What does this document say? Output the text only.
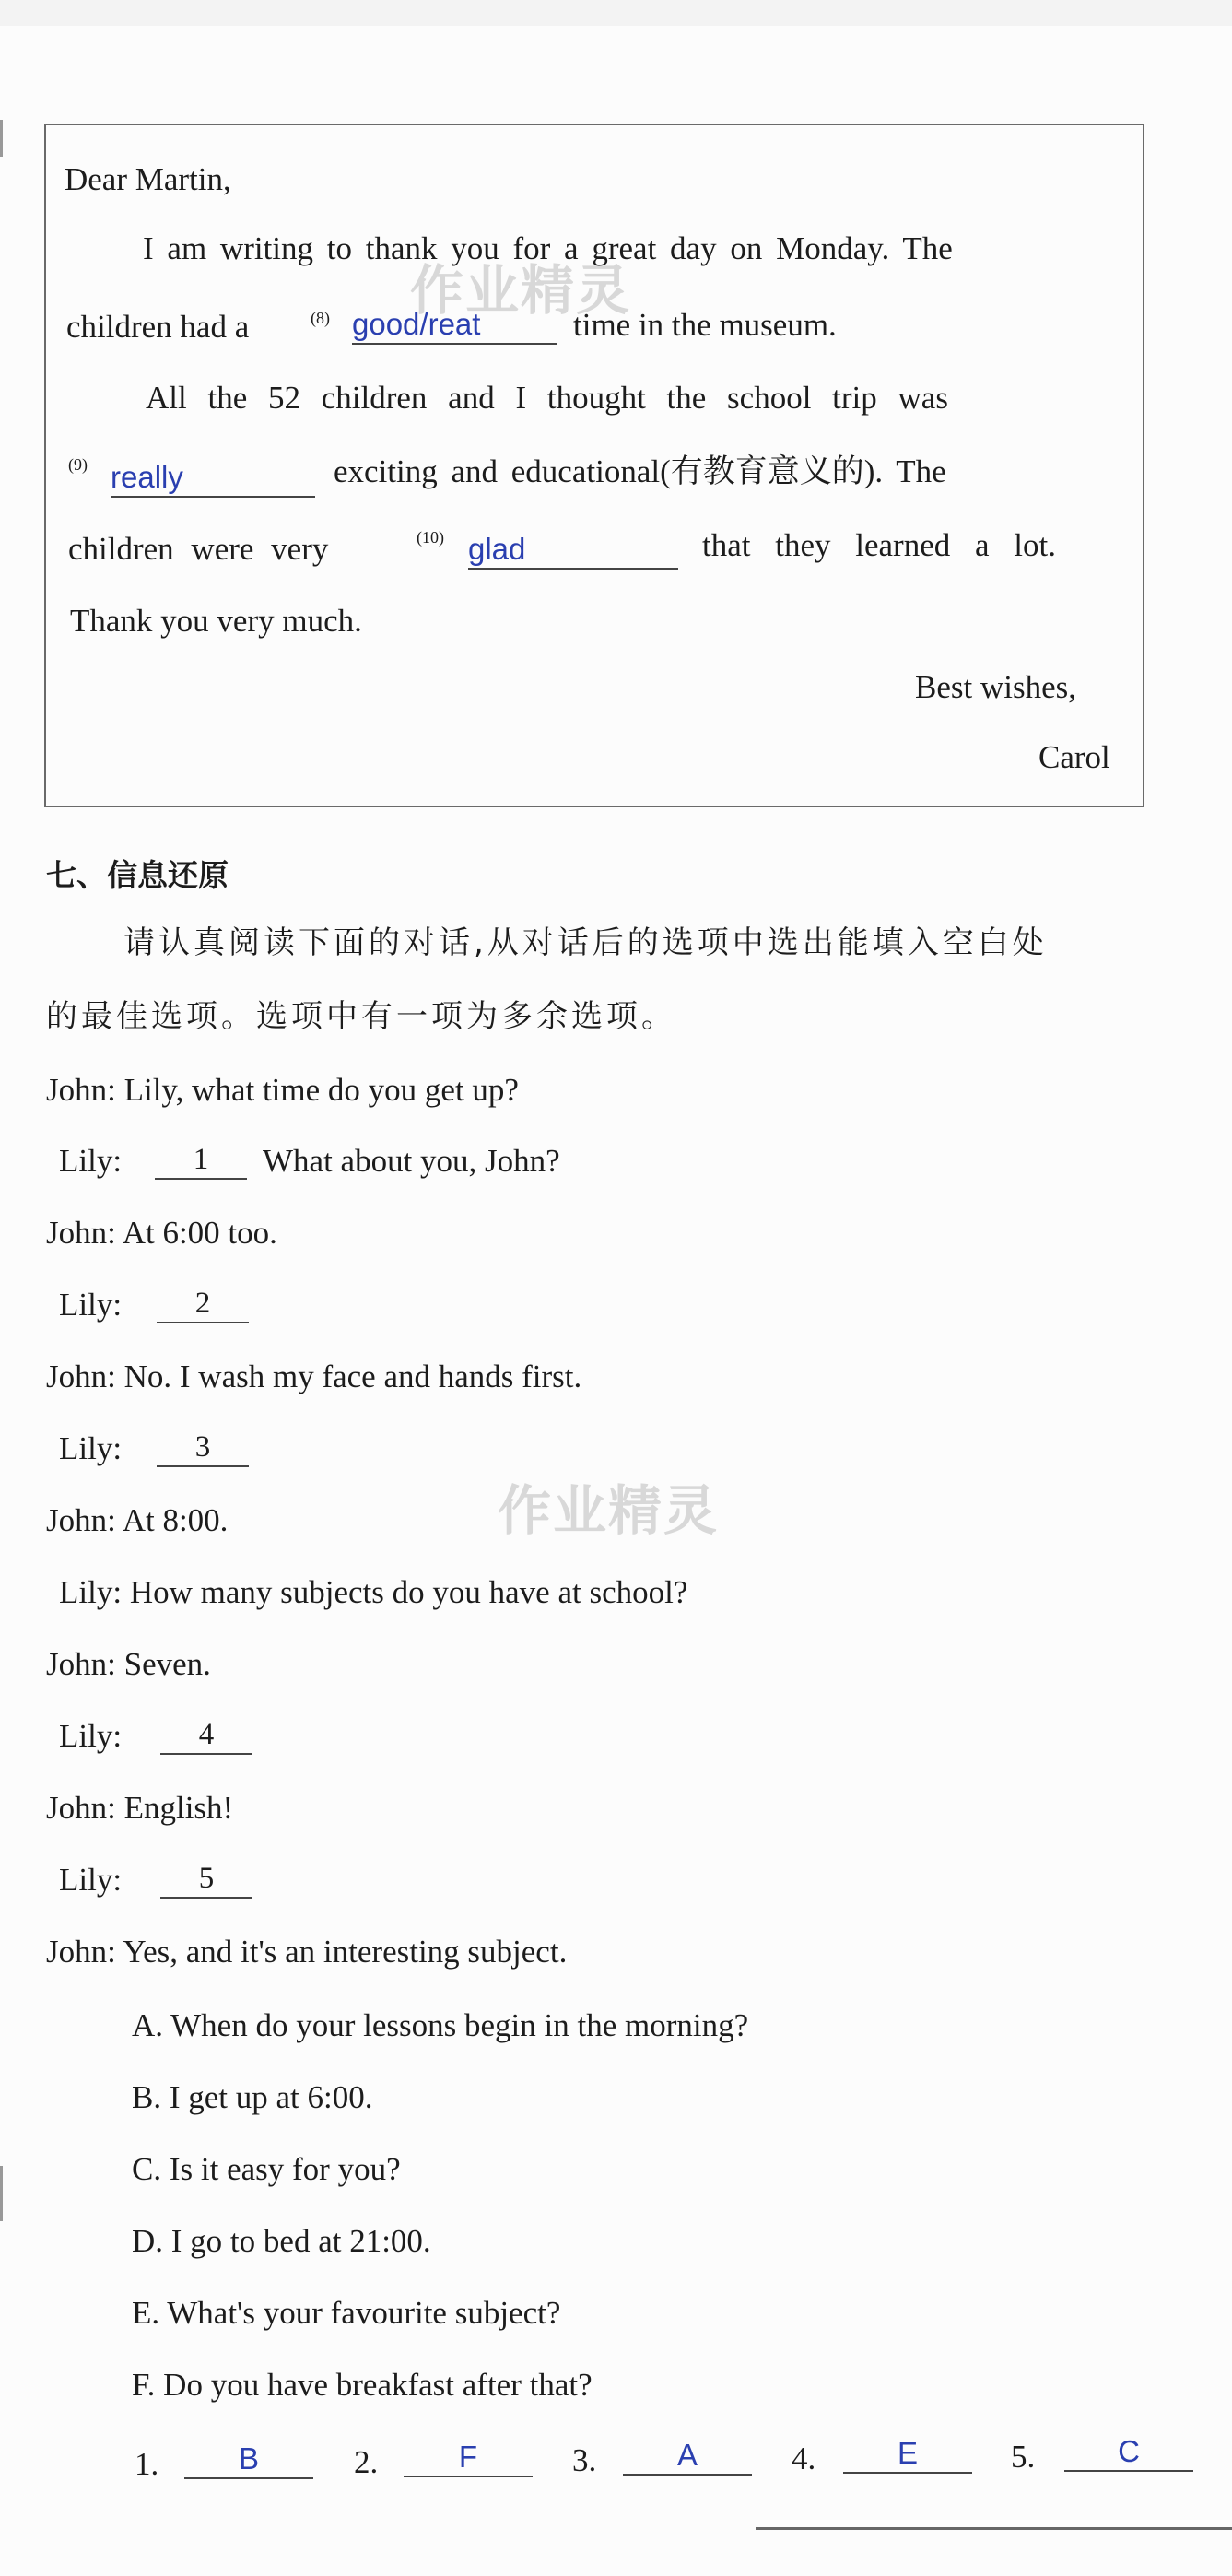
Dear Martin,
I am writing to thank you for a great day on Monday. The
children had a	(8) good/reat	time in the museum.
All the 52 children and I thought the school trip was
(9) really	exciting and educational(有教育意义的). The
children were very	(10) glad	that they learned a lot.
Thank you very much.
Best wishes,
Carol
作业精灵
作业精灵
七、信息还原
请认真阅读下面的对话,从对话后的选项中选出能填入空白处
的最佳选项。选项中有一项为多余选项。
John: Lily, what time do you get up?
Lily:	1	What about you, John?
John: At 6:00 too.
Lily:	2
John: No. I wash my face and hands first.
Lily:	3
John: At 8:00.
Lily: How many subjects do you have at school?
John: Seven.
Lily:	4
John: English!
Lily:	5
John: Yes, and it's an interesting subject.
A. When do your lessons begin in the morning?
B. I get up at 6:00.
C. Is it easy for you?
D. I go to bed at 21:00.
E. What's your favourite subject?
F. Do you have breakfast after that?
1.	B	2.	F	3.	A	4.	E	5.	C
